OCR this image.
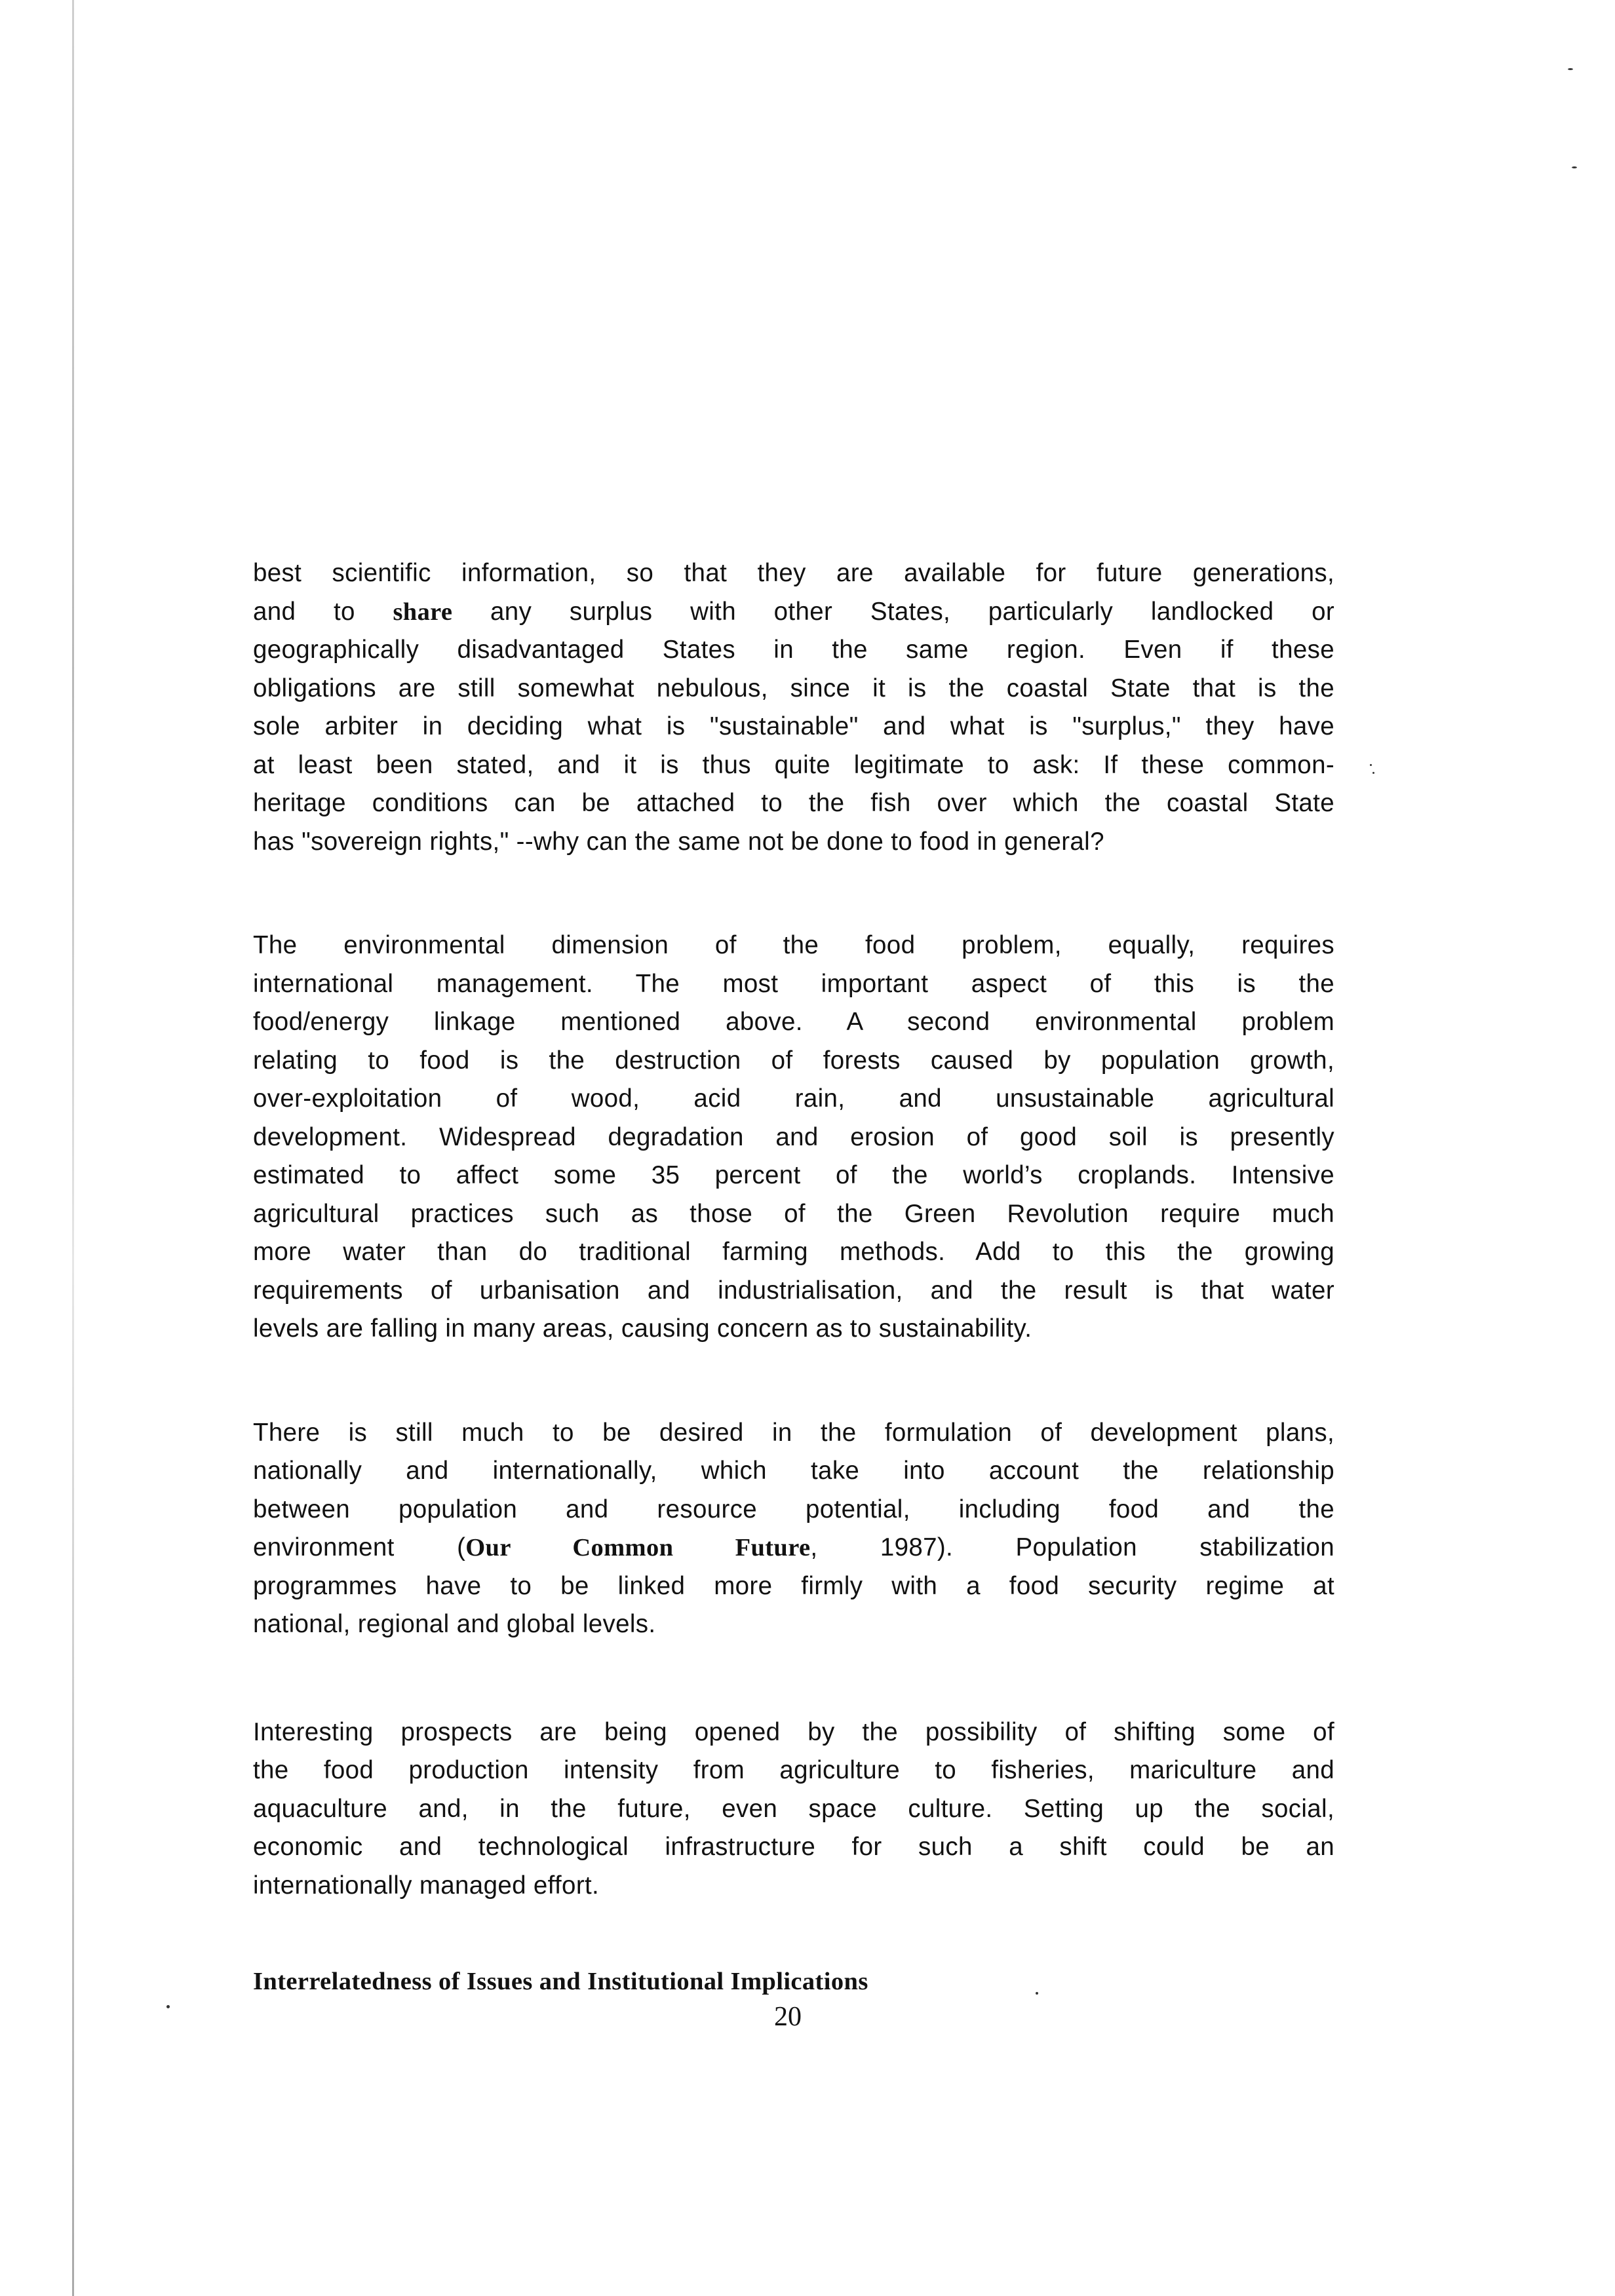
best scientific information, so that they are available for future generations,
and to share any surplus with other States, particularly landlocked or
geographically disadvantaged States in the same region. Even if these
obligations are still somewhat nebulous, since it is the coastal State that is the
sole arbiter in deciding what is "sustainable" and what is "surplus," they have
at least been stated, and it is thus quite legitimate to ask: If these common-
heritage conditions can be attached to the fish over which the coastal State
has "sovereign rights," --why can the same not be done to food in general?
The environmental dimension of the food problem, equally, requires
international management. The most important aspect of this is the
food/energy linkage mentioned above. A second environmental problem
relating to food is the destruction of forests caused by population growth,
over-exploitation of wood, acid rain, and unsustainable agricultural
development. Widespread degradation and erosion of good soil is presently
estimated to affect some 35 percent of the world’s croplands. Intensive
agricultural practices such as those of the Green Revolution require much
more water than do traditional farming methods. Add to this the growing
requirements of urbanisation and industrialisation, and the result is that water
levels are falling in many areas, causing concern as to sustainability.
There is still much to be desired in the formulation of development plans,
nationally and internationally, which take into account the relationship
between population and resource potential, including food and the
environment (Our Common Future, 1987). Population stabilization
programmes have to be linked more firmly with a food security regime at
national, regional and global levels.
Interesting prospects are being opened by the possibility of shifting some of
the food production intensity from agriculture to fisheries, mariculture and
aquaculture and, in the future, even space culture. Setting up the social,
economic and technological infrastructure for such a shift could be an
internationally managed effort.
Interrelatedness of Issues and Institutional Implications
20
